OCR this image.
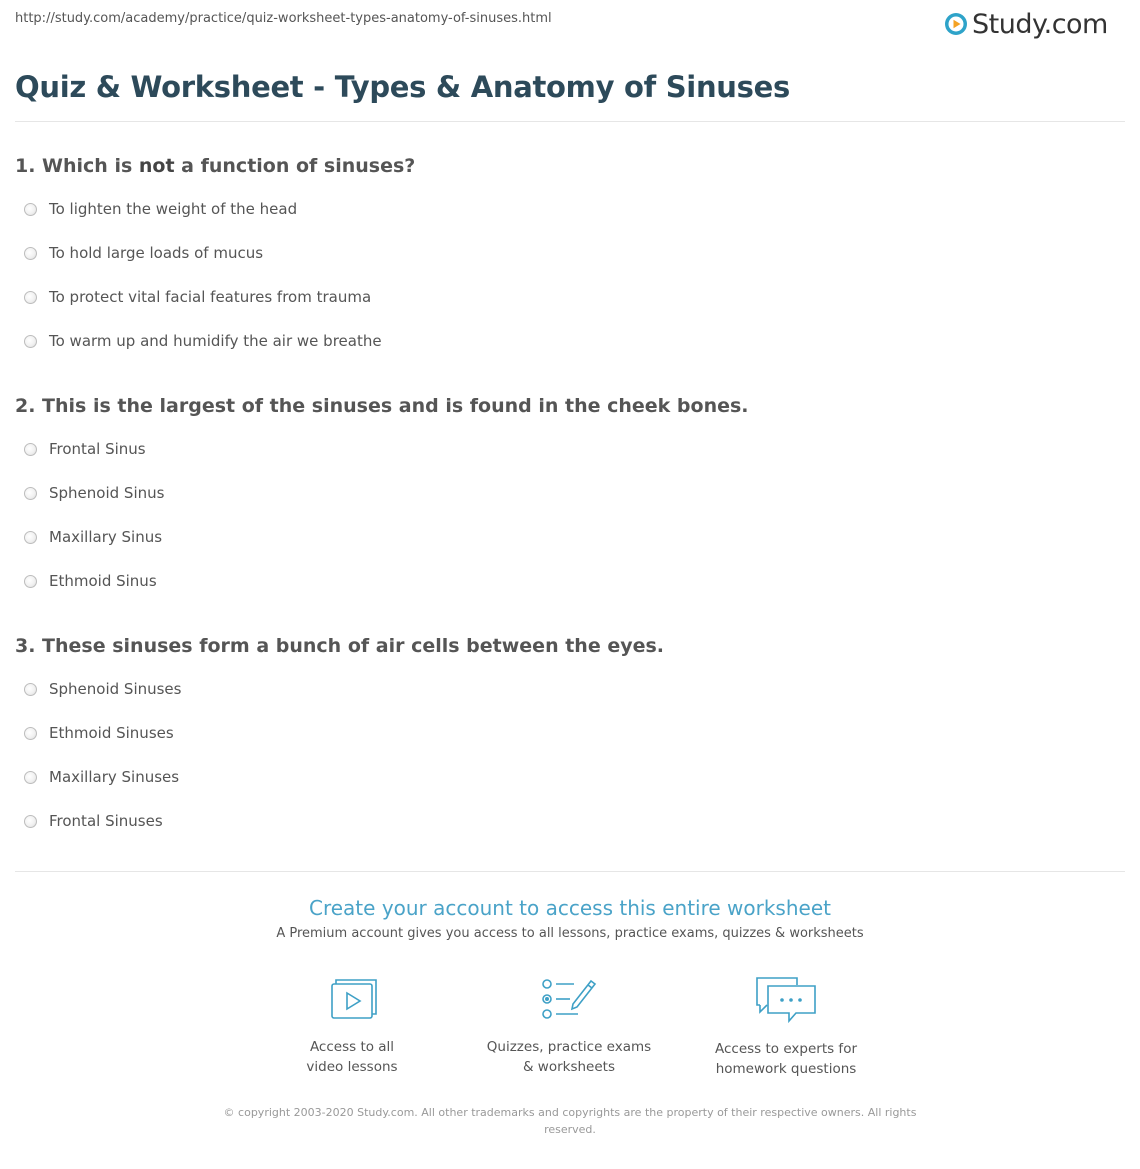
http://study.com/academy/practice/quiz-worksheet-types-anatomy-of-sinuses.html	Study.com
Quiz & Worksheet - Types & Anatomy of Sinuses
1. Which is not a function of sinuses?
To lighten the weight of the head
To hold large loads of mucus
To protect vital facial features from trauma
To warm up and humidify the air we breathe
2. This is the largest of the sinuses and is found in the cheek bones.
Frontal Sinus
Sphenoid Sinus
Maxillary Sinus
Ethmoid Sinus
3. These sinuses form a bunch of air cells between the eyes.
Sphenoid Sinuses
Ethmoid Sinuses
Maxillary Sinuses
Frontal Sinuses
Create your account to access this entire worksheet
A Premium account gives you access to all lessons, practice exams, quizzes & worksheets
Access to all
video lessons
Quizzes, practice exams
& worksheets
Access to experts for
homework questions
© copyright 2003-2020 Study.com. All other trademarks and copyrights are the property of their respective owners. All rights
reserved.
